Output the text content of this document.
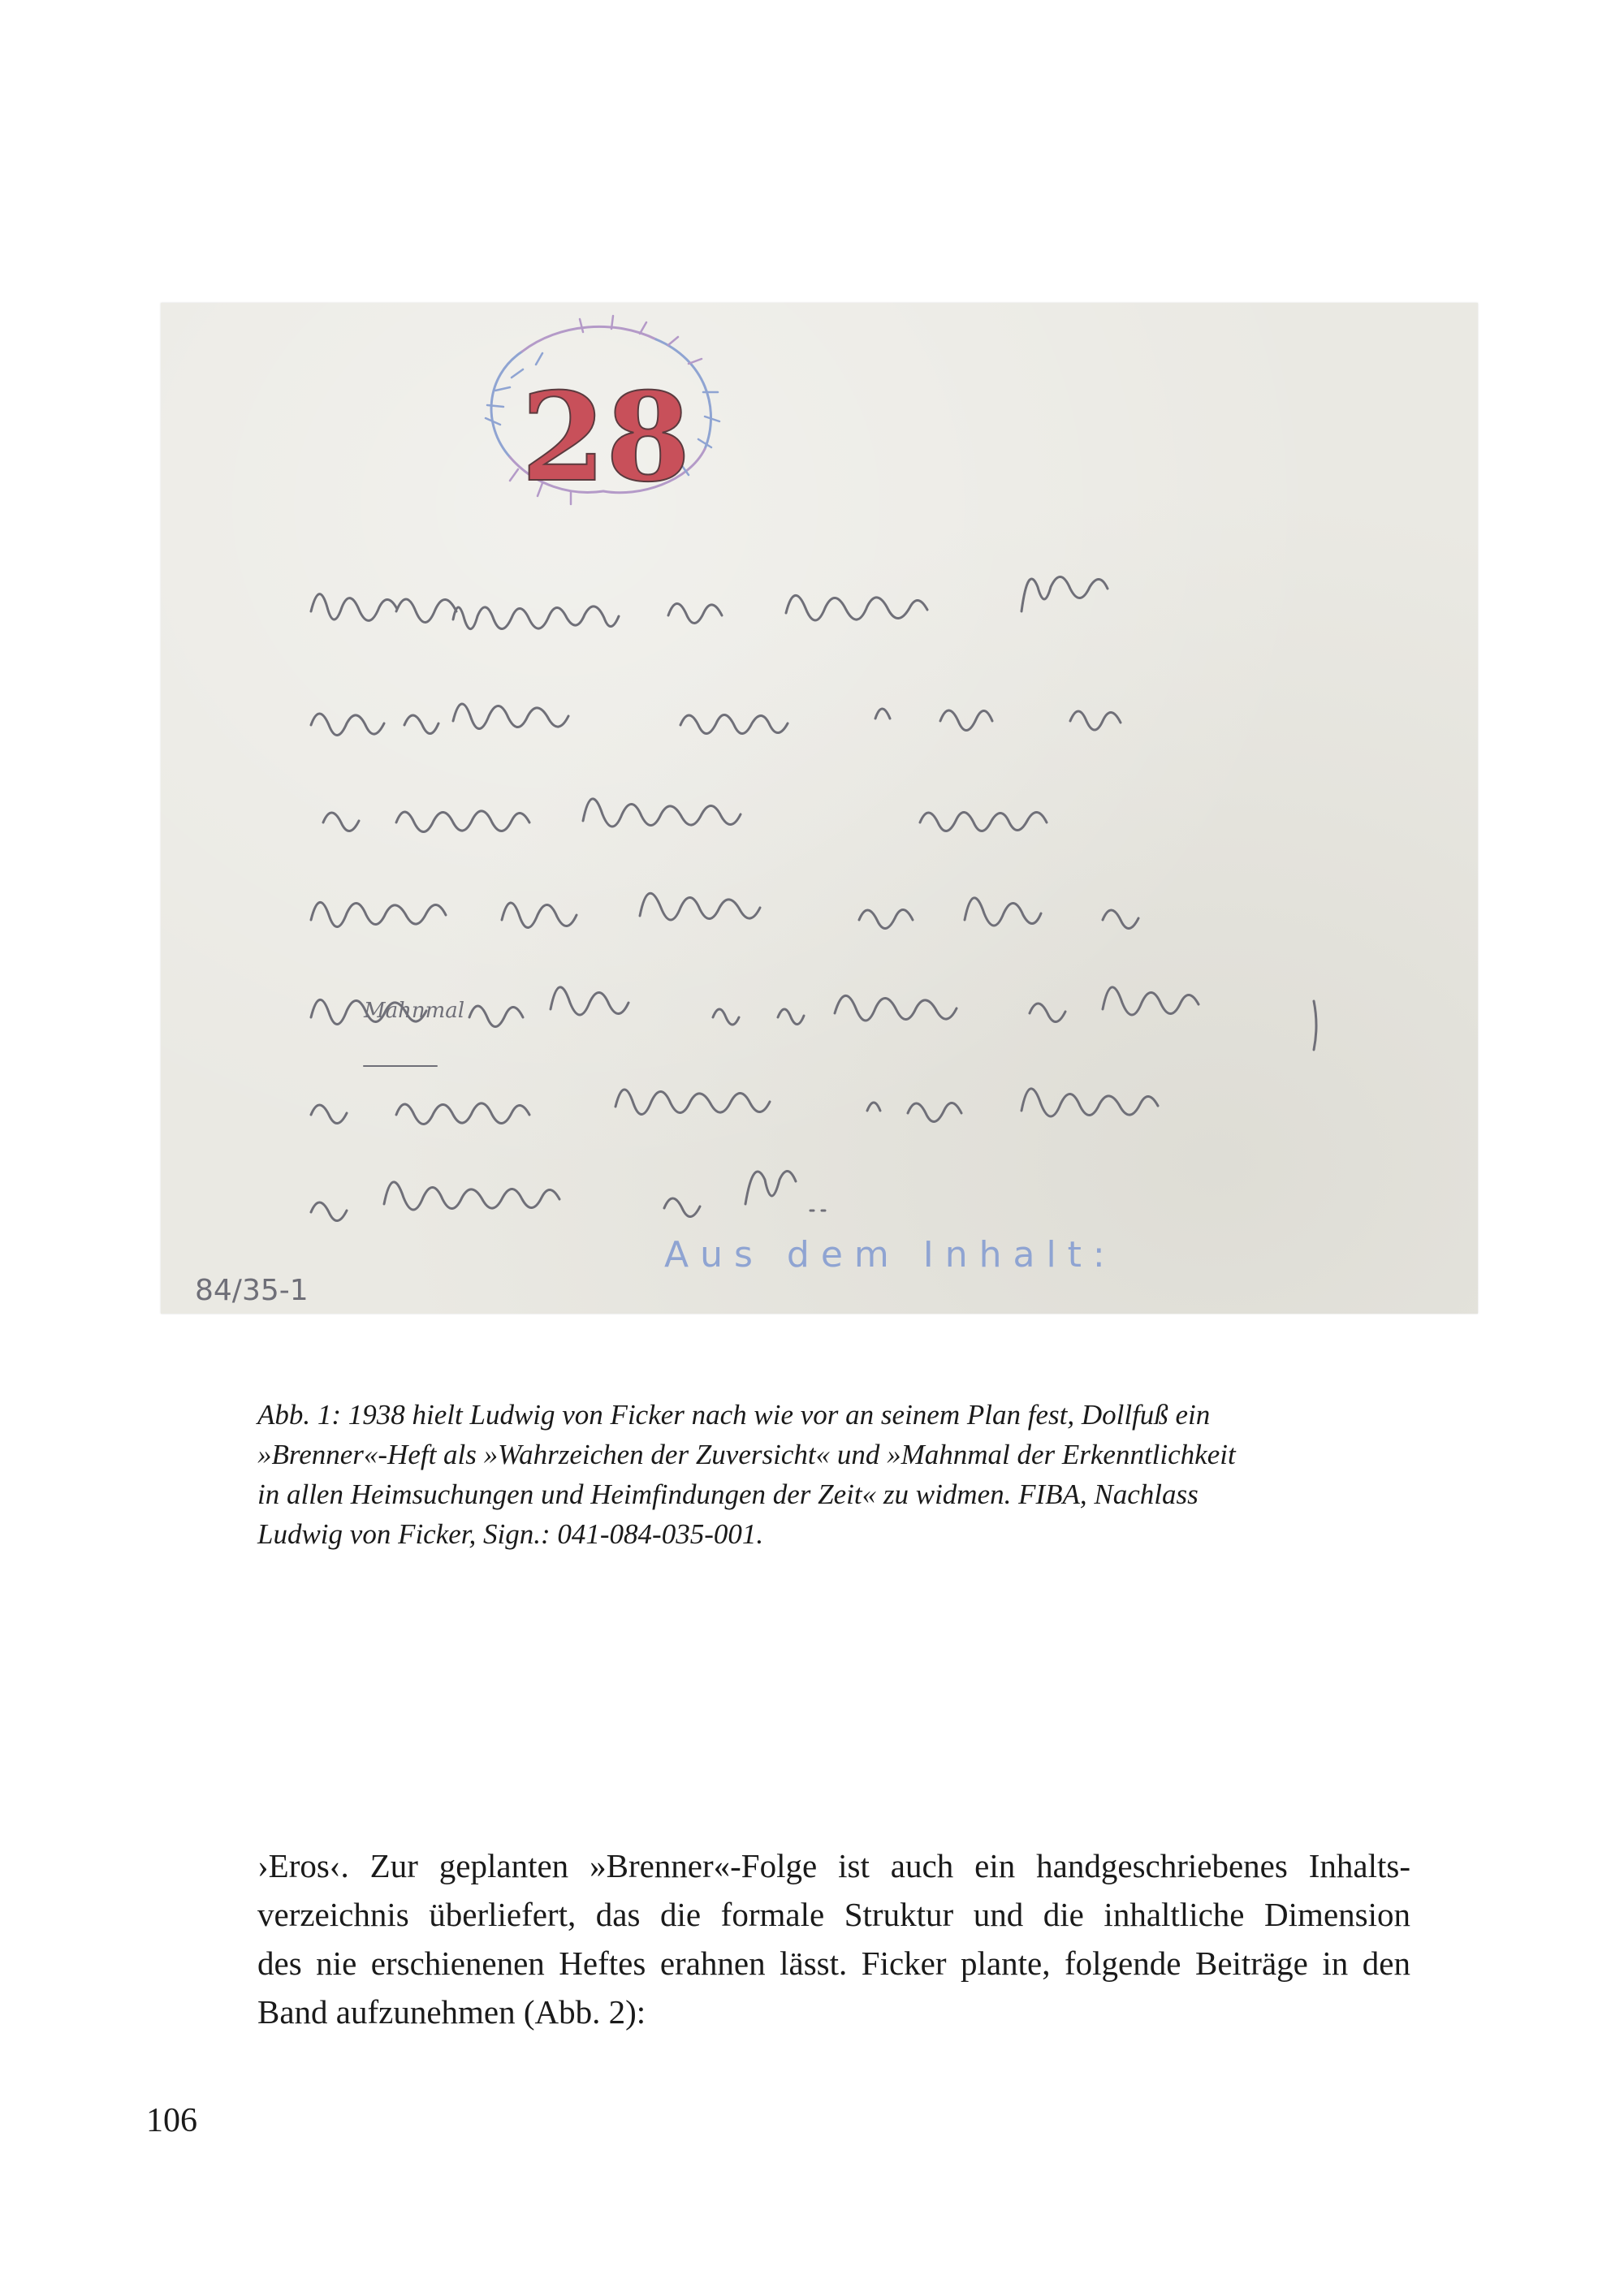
28
Mahnmal
Aus dem Inhalt:
84/35-1

Abb. 1: 1938 hielt Ludwig von Ficker nach wie vor an seinem Plan fest, Dollfuß ein
»Brenner«-Heft als »Wahrzeichen der Zuversicht« und »Mahnmal der Erkenntlichkeit
in allen Heimsuchungen und Heimfindungen der Zeit« zu widmen. FIBA, Nachlass
Ludwig von Ficker, Sign.: 041-084-035-001.

›Eros‹. Zur geplanten »Brenner«-Folge ist auch ein handgeschriebenes Inhalts-
verzeichnis überliefert, das die formale Struktur und die inhaltliche Dimension
des nie erschienenen Heftes erahnen lässt. Ficker plante, folgende Beiträge in den
Band aufzunehmen (Abb. 2):

106
